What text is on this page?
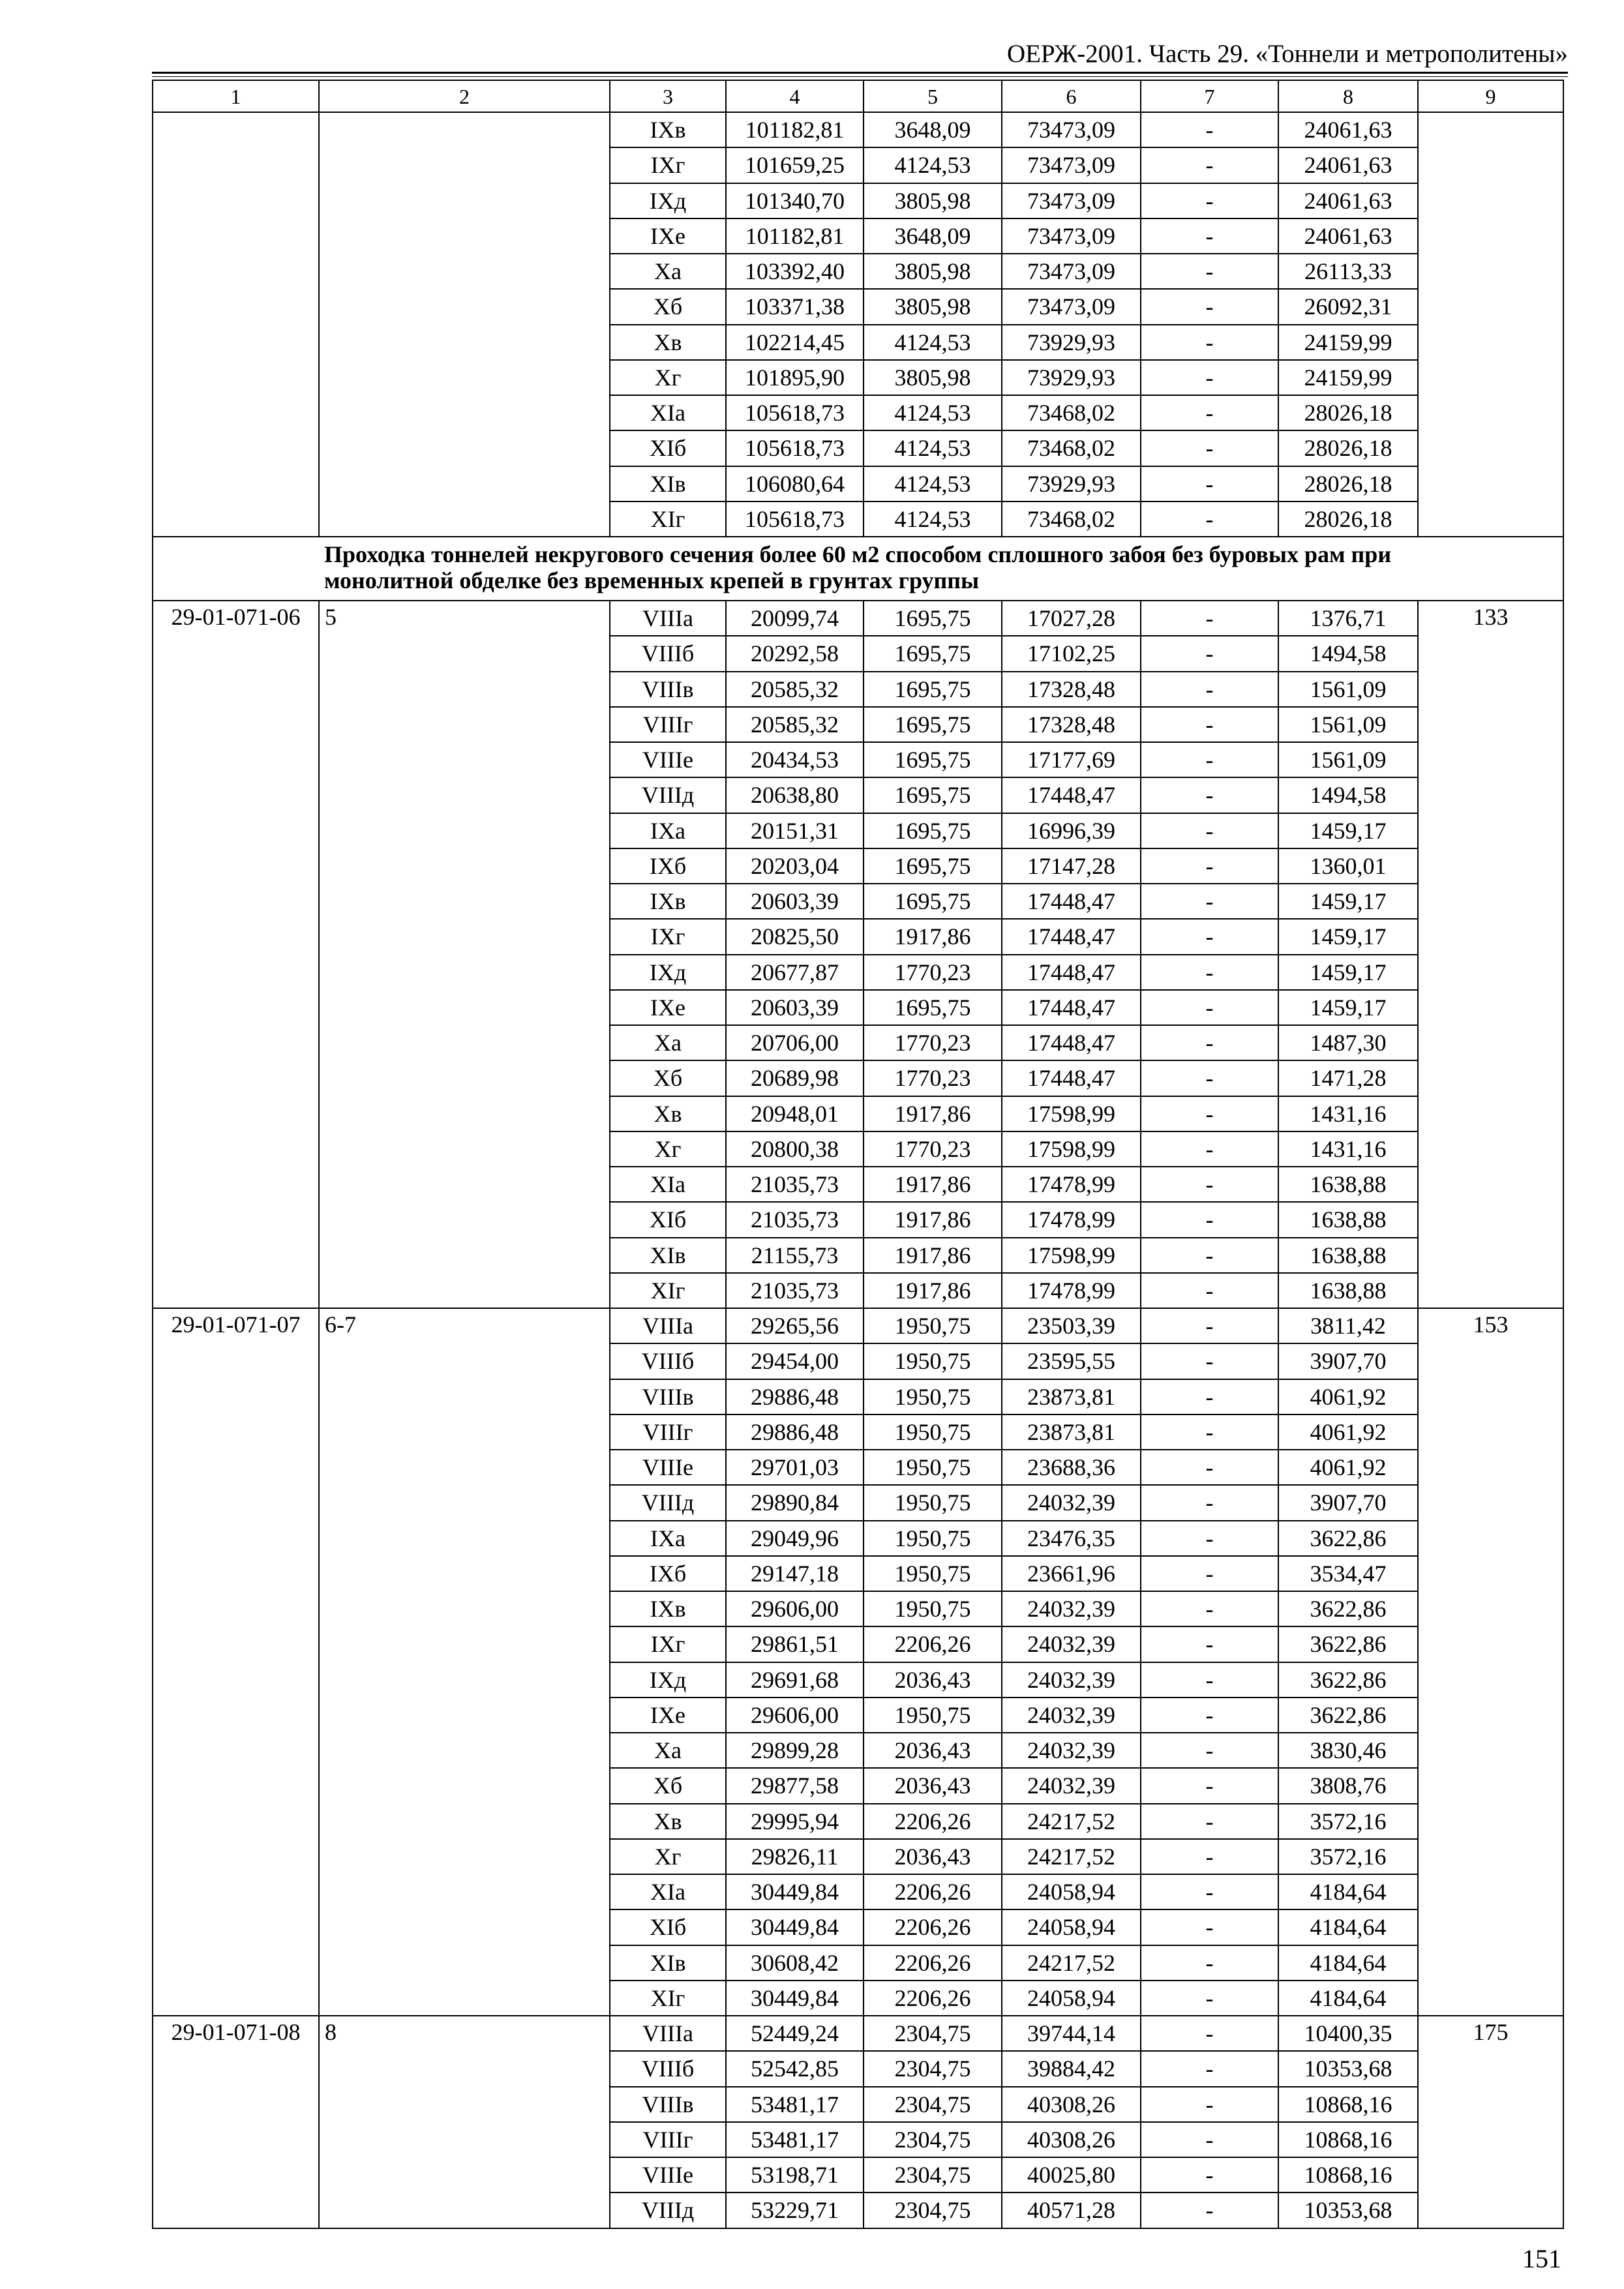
ОЕРЖ-2001. Часть 29. «Тоннели и метрополитены»
1	2	3	4	5	6	7	8	9
		IXв	101182,81	3648,09	73473,09	-	24061,63	
		IXг	101659,25	4124,53	73473,09	-	24061,63	
		IXд	101340,70	3805,98	73473,09	-	24061,63	
		IXе	101182,81	3648,09	73473,09	-	24061,63	
		Xа	103392,40	3805,98	73473,09	-	26113,33	
		Xб	103371,38	3805,98	73473,09	-	26092,31	
		Xв	102214,45	4124,53	73929,93	-	24159,99	
		Xг	101895,90	3805,98	73929,93	-	24159,99	
		XIа	105618,73	4124,53	73468,02	-	28026,18	
		XIб	105618,73	4124,53	73468,02	-	28026,18	
		XIв	106080,64	4124,53	73929,93	-	28026,18	
		XIг	105618,73	4124,53	73468,02	-	28026,18	

	Проходка тоннелей некругового сечения более 60 м2 способом сплошного забоя без буровых рам при
монолитной обделке без временных крепей в грунтах группы							

29-01-071-06	5	VIIIа	20099,74	1695,75	17027,28	-	1376,71	133
		VIIIб	20292,58	1695,75	17102,25	-	1494,58	
		VIIIв	20585,32	1695,75	17328,48	-	1561,09	
		VIIIг	20585,32	1695,75	17328,48	-	1561,09	
		VIIIе	20434,53	1695,75	17177,69	-	1561,09	
		VIIIд	20638,80	1695,75	17448,47	-	1494,58	
		IXа	20151,31	1695,75	16996,39	-	1459,17	
		IXб	20203,04	1695,75	17147,28	-	1360,01	
		IXв	20603,39	1695,75	17448,47	-	1459,17	
		IXг	20825,50	1917,86	17448,47	-	1459,17	
		IXд	20677,87	1770,23	17448,47	-	1459,17	
		IXе	20603,39	1695,75	17448,47	-	1459,17	
		Xа	20706,00	1770,23	17448,47	-	1487,30	
		Xб	20689,98	1770,23	17448,47	-	1471,28	
		Xв	20948,01	1917,86	17598,99	-	1431,16	
		Xг	20800,38	1770,23	17598,99	-	1431,16	
		XIа	21035,73	1917,86	17478,99	-	1638,88	
		XIб	21035,73	1917,86	17478,99	-	1638,88	
		XIв	21155,73	1917,86	17598,99	-	1638,88	
		XIг	21035,73	1917,86	17478,99	-	1638,88	
29-01-071-07	6-7	VIIIа	29265,56	1950,75	23503,39	-	3811,42	153
		VIIIб	29454,00	1950,75	23595,55	-	3907,70	
		VIIIв	29886,48	1950,75	23873,81	-	4061,92	
		VIIIг	29886,48	1950,75	23873,81	-	4061,92	
		VIIIе	29701,03	1950,75	23688,36	-	4061,92	
		VIIIд	29890,84	1950,75	24032,39	-	3907,70	
		IXа	29049,96	1950,75	23476,35	-	3622,86	
		IXб	29147,18	1950,75	23661,96	-	3534,47	
		IXв	29606,00	1950,75	24032,39	-	3622,86	
		IXг	29861,51	2206,26	24032,39	-	3622,86	
		IXд	29691,68	2036,43	24032,39	-	3622,86	
		IXе	29606,00	1950,75	24032,39	-	3622,86	
		Xа	29899,28	2036,43	24032,39	-	3830,46	
		Xб	29877,58	2036,43	24032,39	-	3808,76	
		Xв	29995,94	2206,26	24217,52	-	3572,16	
		Xг	29826,11	2036,43	24217,52	-	3572,16	
		XIа	30449,84	2206,26	24058,94	-	4184,64	
		XIб	30449,84	2206,26	24058,94	-	4184,64	
		XIв	30608,42	2206,26	24217,52	-	4184,64	
		XIг	30449,84	2206,26	24058,94	-	4184,64	
29-01-071-08	8	VIIIа	52449,24	2304,75	39744,14	-	10400,35	175
		VIIIб	52542,85	2304,75	39884,42	-	10353,68	
		VIIIв	53481,17	2304,75	40308,26	-	10868,16	
		VIIIг	53481,17	2304,75	40308,26	-	10868,16	
		VIIIе	53198,71	2304,75	40025,80	-	10868,16	
		VIIIд	53229,71	2304,75	40571,28	-	10353,68	
151
